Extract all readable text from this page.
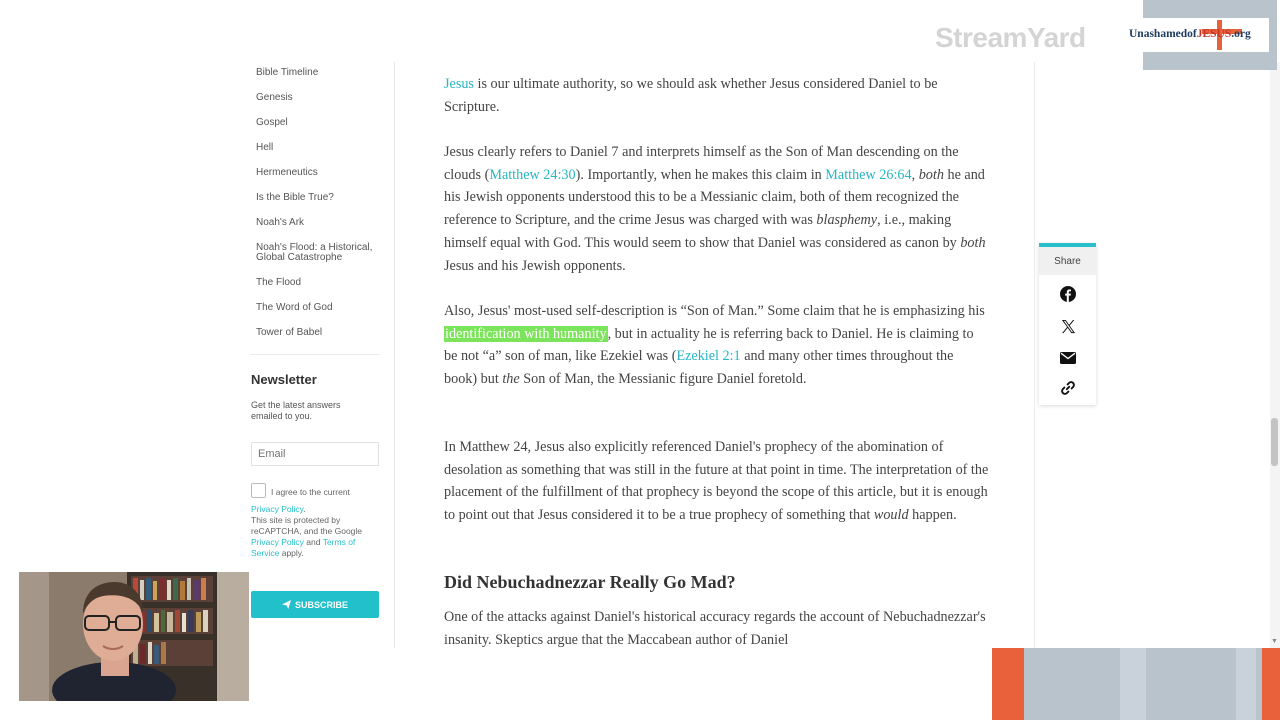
Bible Timeline
Genesis
Gospel
Hell
Hermeneutics
Is the Bible True?
Noah's Ark
Noah's Flood: a Historical, Global Catastrophe
The Flood
The Word of God
Tower of Babel
Newsletter
Get the latest answers emailed to you.
Email
I agree to the current
Privacy Policy.
This site is protected by reCAPTCHA, and the Google Privacy Policy and Terms of Service apply.
SUBSCRIBE

Jesus is our ultimate authority, so we should ask whether Jesus considered Daniel to be Scripture.

Jesus clearly refers to Daniel 7 and interprets himself as the Son of Man descending on the clouds (Matthew 24:30). Importantly, when he makes this claim in Matthew 26:64, both he and his Jewish opponents understood this to be a Messianic claim, both of them recognized the reference to Scripture, and the crime Jesus was charged with was blasphemy, i.e., making himself equal with God. This would seem to show that Daniel was considered as canon by both Jesus and his Jewish opponents.

Also, Jesus' most-used self-description is “Son of Man.” Some claim that he is emphasizing his identification with humanity, but in actuality he is referring back to Daniel. He is claiming to be not “a” son of man, like Ezekiel was (Ezekiel 2:1 and many other times throughout the book) but the Son of Man, the Messianic figure Daniel foretold.

In Matthew 24, Jesus also explicitly referenced Daniel's prophecy of the abomination of desolation as something that was still in the future at that point in time. The interpretation of the placement of the fulfillment of that prophecy is beyond the scope of this article, but it is enough to point out that Jesus considered it to be a true prophecy of something that would happen.

Did Nebuchadnezzar Really Go Mad?

One of the attacks against Daniel's historical accuracy regards the account of Nebuchadnezzar's insanity. Skeptics argue that the Maccabean author of Daniel

Share
▼
StreamYard	UnashamedofJESUS.org
